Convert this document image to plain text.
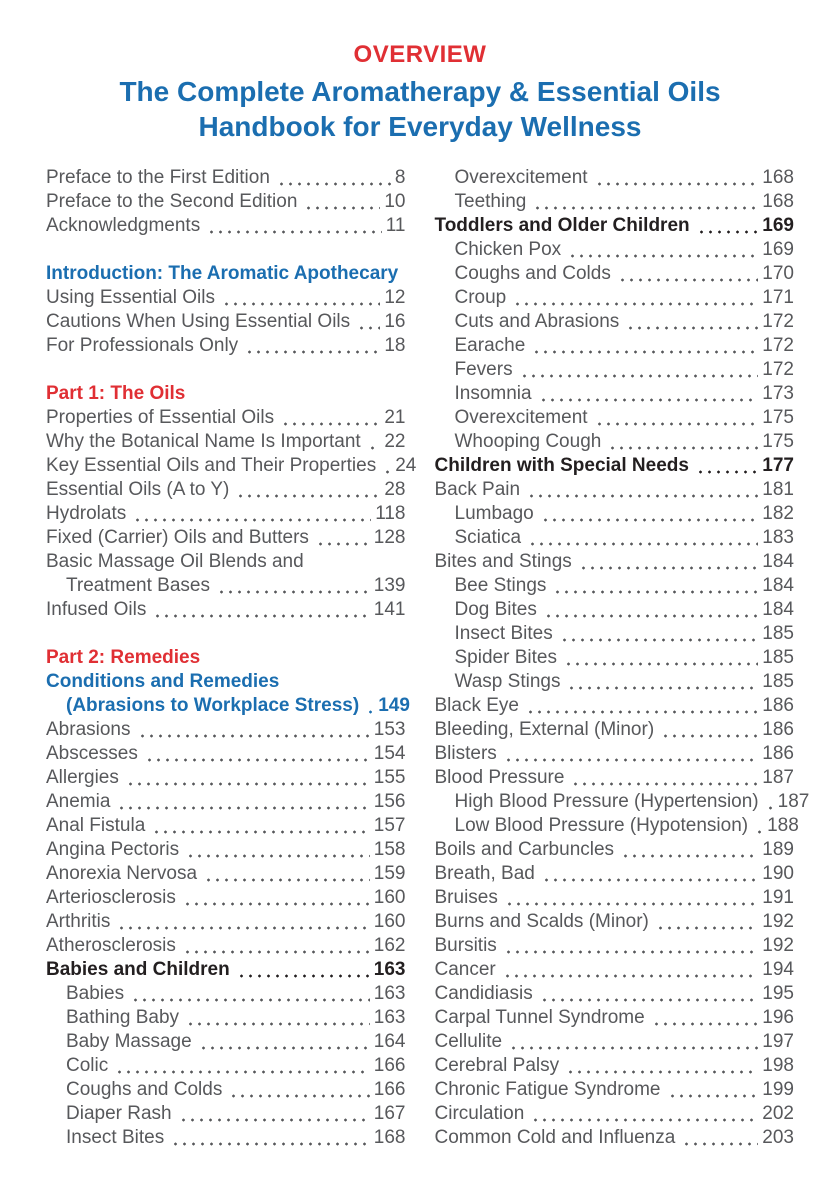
OVERVIEW
The Complete Aromatherapy & Essential Oils
Handbook for Everyday Wellness
Preface to the First Edition	8
Preface to the Second Edition	10
Acknowledgments	11
Introduction: The Aromatic Apothecary
Using Essential Oils	12
Cautions When Using Essential Oils 16
For Professionals Only	18
Part 1: The Oils
Properties of Essential Oils	21
Why the Botanical Name Is Important 22
Key Essential Oils and Their Properties 24
Essential Oils (A to Y)	28
Hydrolats	118
Fixed (Carrier) Oils and Butters	128
Basic Massage Oil Blends and
Treatment Bases	139
Infused Oils	141
Part 2: Remedies
Conditions and Remedies
(Abrasions to Workplace Stress) 149
Abrasions	153
Abscesses	154
Allergies	155
Anemia	156
Anal Fistula	157
Angina Pectoris	158
Anorexia Nervosa	159
Arteriosclerosis	160
Arthritis	160
Atherosclerosis	162
Babies and Children	163
Babies	163
Bathing Baby	163
Baby Massage	164
Colic	166
Coughs and Colds	166
Diaper Rash	167
Insect Bites	168
Overexcitement	168
Teething	168
Toddlers and Older Children	169
Chicken Pox	169
Coughs and Colds	170
Croup	171
Cuts and Abrasions	172
Earache	172
Fevers	172
Insomnia	173
Overexcitement	175
Whooping Cough	175
Children with Special Needs	177
Back Pain	181
Lumbago	182
Sciatica	183
Bites and Stings	184
Bee Stings	184
Dog Bites	184
Insect Bites	185
Spider Bites	185
Wasp Stings	185
Black Eye	186
Bleeding, External (Minor)	186
Blisters	186
Blood Pressure	187
High Blood Pressure (Hypertension) 187
Low Blood Pressure (Hypotension) 188
Boils and Carbuncles	189
Breath, Bad	190
Bruises	191
Burns and Scalds (Minor)	192
Bursitis	192
Cancer	194
Candidiasis	195
Carpal Tunnel Syndrome	196
Cellulite	197
Cerebral Palsy	198
Chronic Fatigue Syndrome	199
Circulation	202
Common Cold and Influenza	203
